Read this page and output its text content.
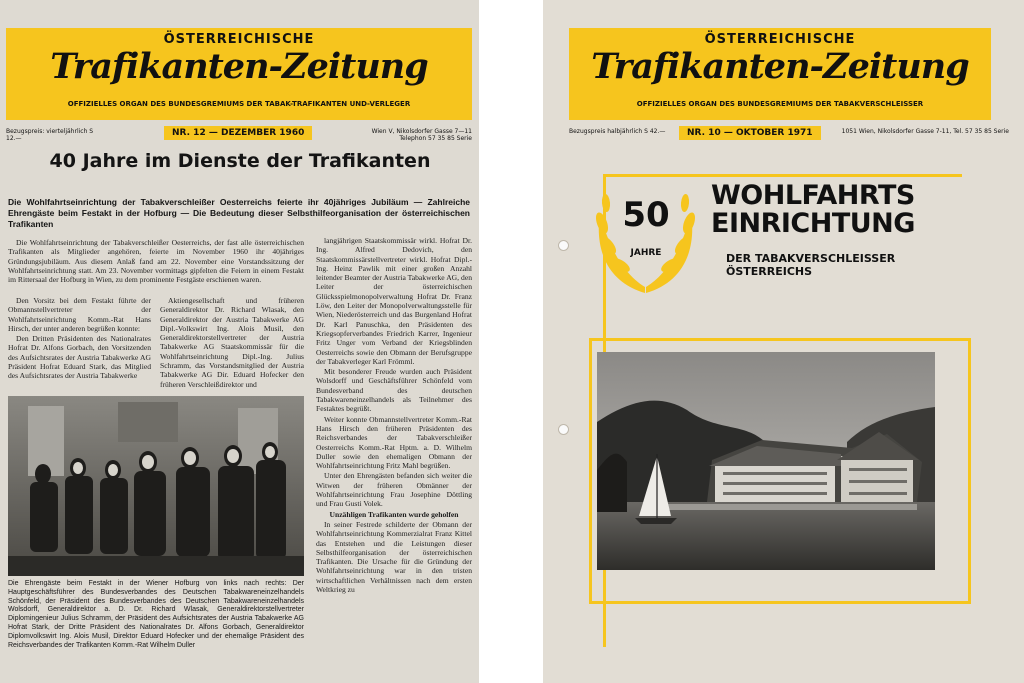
ÖSTERREICHISCHE
Trafikanten-Zeitung
OFFIZIELLES ORGAN DES BUNDESGREMIUMS DER TABAK-TRAFIKANTEN UND-VERLEGER
Bezugspreis: vierteljährlich S 12.—
NR. 12 — DEZEMBER 1960	Wien V, Nikolsdorfer Gasse 7—11 Telephon 57 35 85 Serie
40 Jahre im Dienste der Trafikanten
Die Wohlfahrtseinrichtung der Tabakverschleißer Oesterreichs feierte ihr 40jähriges Jubiläum — Zahlreiche Ehrengäste beim Festakt in der Hofburg — Die Bedeutung dieser Selbsthilfeorganisation der österreichischen Trafikanten

Die Wohlfahrtseinrichtung der Tabakverschleißer Oesterreichs, der fast alle österreichischen Trafikanten als Mitglieder angehören, feierte im November 1960 ihr 40jähriges Gründungsjubiläum. Aus diesem Anlaß fand am 22. November eine Vorstandssitzung der Wohlfahrtseinrichtung statt. Am 23. November vormittags gipfelten die Feiern in einem Festakt im Rittersaal der Hofburg in Wien, zu dem prominente Festgäste erschienen waren.

Den Vorsitz bei dem Festakt führte der Obmannstellvertreter der Wohlfahrtseinrichtung Komm.-Rat Hans Hirsch, der unter anderen begrüßen konnte:

Den Dritten Präsidenten des Nationalrates Hofrat Dr. Alfons Gorbach, den Vorsitzenden des Aufsichtsrates der Austria Tabakwerke AG Präsident Hofrat Eduard Stark, das Mitglied des Aufsichtsrates der Austria Tabakwerke

Aktiengesellschaft und früheren Generaldirektor Dr. Richard Wlasak, den Generaldirektor der Austria Tabakwerke AG Dipl.-Volkswirt Ing. Alois Musil, den Generaldirektorstellvertreter der Austria Tabakwerke AG Staatskommissär für die Wohlfahrtseinrichtung Dipl.-Ing. Julius Schramm, das Vorstandsmitglied der Austria Tabakwerke AG Dir. Eduard Hofecker den früheren Verschleißdirektor und

Die Ehrengäste beim Festakt in der Wiener Hofburg von links nach rechts: Der Hauptgeschäftsführer des Bundesverbandes des Deutschen Tabakwareneinzelhandels Schönfeld, der Präsident des Bundesverbandes des Deutschen Tabakwareneinzelhandels Wolsdorff, Generaldirektor a. D. Dr. Richard Wlasak, Generaldirektorstellvertreter Diplomingenieur Julius Schramm, der Präsident des Aufsichtsrates der Austria Tabakwerke AG Hofrat Stark, der Dritte Präsident des Nationalrates Dr. Alfons Gorbach, Generaldirektor Diplomvolkswirt Ing. Alois Musil, Direktor Eduard Hofecker und der ehemalige Präsident des Reichsverbandes der Trafikanten Komm.-Rat Wilhelm Duller

langjährigen Staatskommissär wirkl. Hofrat Dr. Ing. Alfred Dedovich, den Staatskommissärstellvertreter wirkl. Hofrat Dipl.-Ing. Heinz Pawlik mit einer großen Anzahl leitender Beamter der Austria Tabakwerke AG, den Leiter der österreichischen Glücksspielmonopolverwaltung Hofrat Dr. Franz Löw, den Leiter der Monopolverwaltungsstelle für Wien, Niederösterreich und das Burgenland Hofrat Dr. Karl Panuschka, den Präsidenten des Kriegsopferverbandes Friedrich Karrer, Ingenieur Fritz Unger vom Verband der Kriegsblinden Oesterreichs sowie den Obmann der Berufsgruppe der Tabakverleger Karl Frömml.

Mit besonderer Freude wurden auch Präsident Wolsdorff und Geschäftsführer Schönfeld vom Bundesverband des deutschen Tabakwareneinzelhandels als Teilnehmer des Festaktes begrüßt.

Weiter konnte Obmannstellvertreter Komm.-Rat Hans Hirsch den früheren Präsidenten des Reichsverbandes der Tabakverschleißer Oesterreichs Komm.-Rat Hptm. a. D. Wilhelm Duller sowie den ehemaligen Obmann der Wohlfahrtseinrichtung Fritz Mahl begrüßen.

Unter den Ehrengästen befanden sich weiter die Witwen der früheren Obmänner der Wohlfahrtseinrichtung Frau Josephine Döttling und Frau Gusti Volek.

Unzähligen Trafikanten wurde geholfen

In seiner Festrede schilderte der Obmann der Wohlfahrtseinrichtung Kommerzialrat Franz Kittel das Entstehen und die Leistungen dieser Selbsthilfeorganisation der österreichischen Trafikanten. Die Ursache für die Gründung der Wohlfahrtseinrichtung war in den tristen wirtschaftlichen Verhältnissen nach dem ersten Weltkrieg zu

ÖSTERREICHISCHE
Trafikanten-Zeitung
OFFIZIELLES ORGAN DES BUNDESGREMIUMS DER TABAKVERSCHLEISSER
Bezugspreis halbjährlich S 42.—	NR. 10 — OKTOBER 1971	1051 Wien, Nikolsdorfer Gasse 7-11, Tel. 57 35 85 Serie
50
JAHRE
WOHLFAHRTS
EINRICHTUNG
DER TABAKVERSCHLEISSER
ÖSTERREICHS
